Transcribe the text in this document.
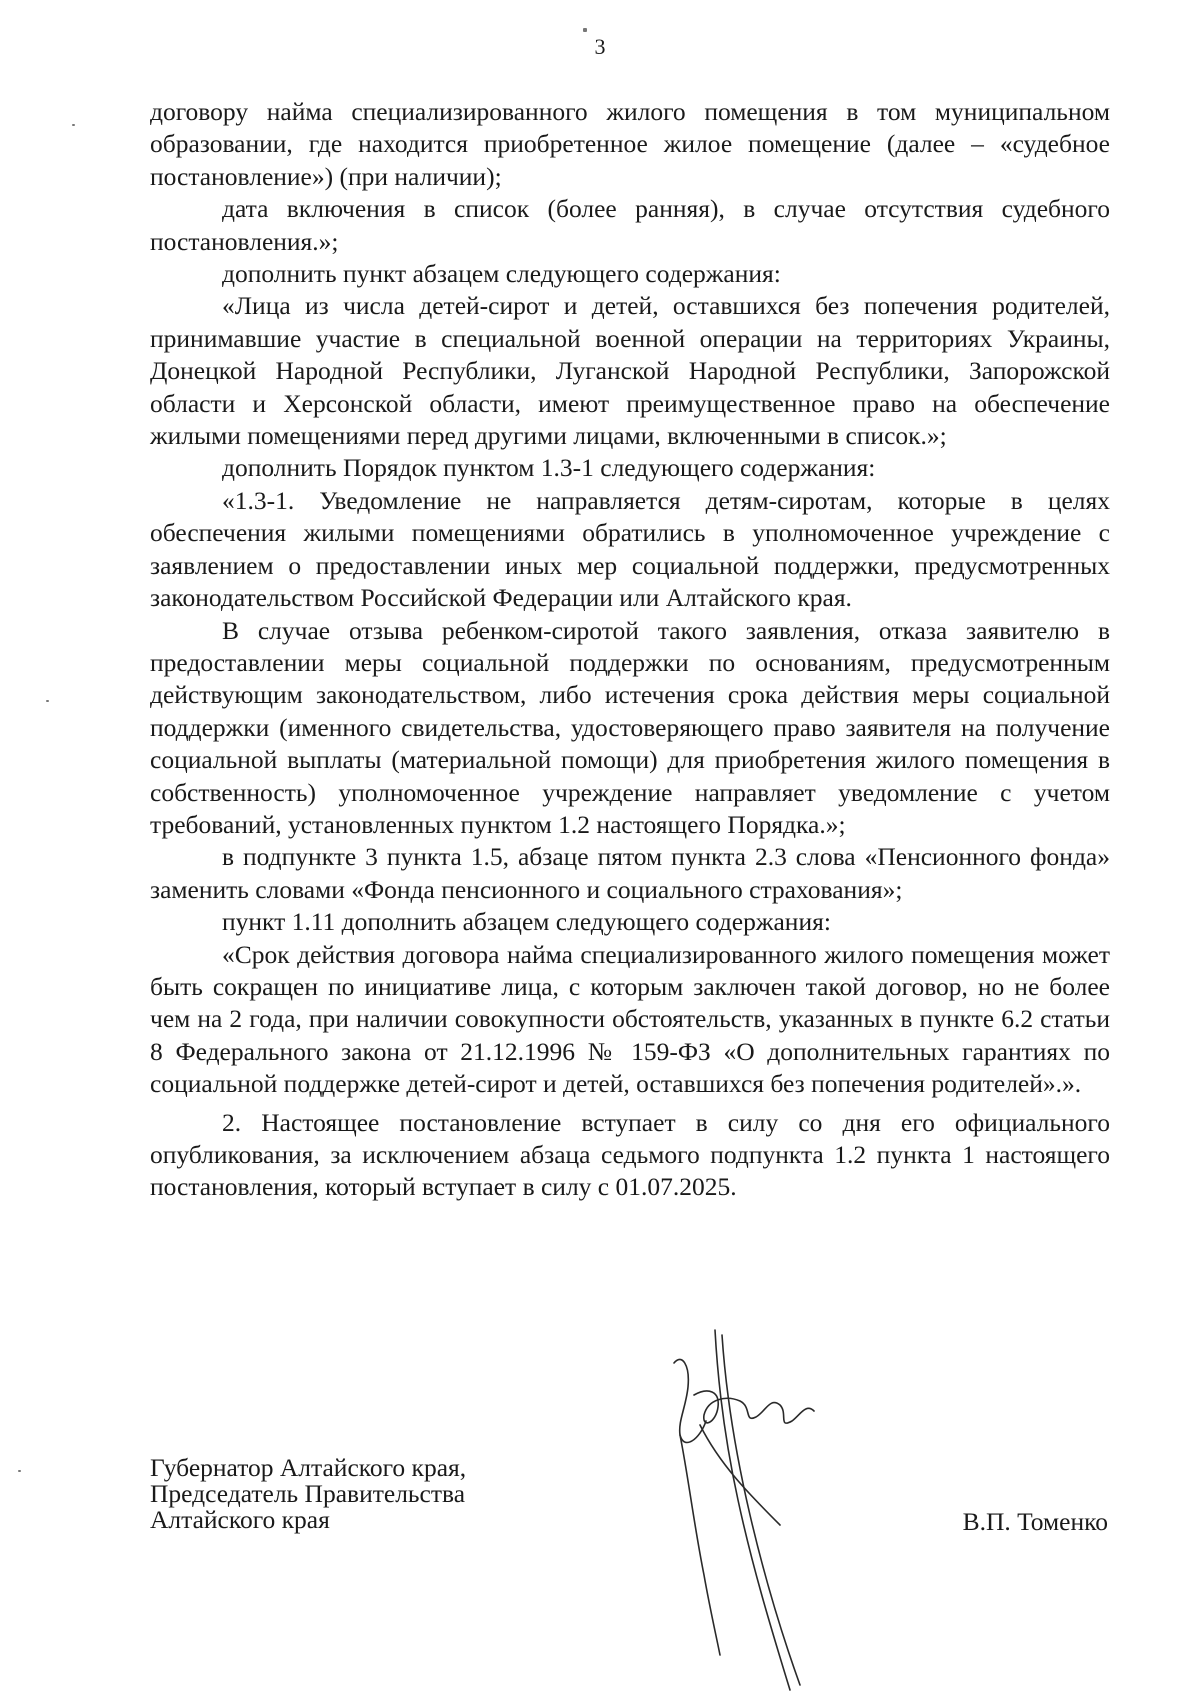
3

договору найма специализированного жилого помещения в том муниципальном образовании, где находится приобретенное жилое помещение (далее – «судебное постановление») (при наличии);

дата включения в список (более ранняя), в случае отсутствия судебного постановления.»;

дополнить пункт абзацем следующего содержания:

«Лица из числа детей-сирот и детей, оставшихся без попечения родителей, принимавшие участие в специальной военной операции на территориях Украины, Донецкой Народной Республики, Луганской Народной Республики, Запорожской области и Херсонской области, имеют преимущественное право на обеспечение жилыми помещениями перед другими лицами, включенными в список.»;

дополнить Порядок пунктом 1.3-1 следующего содержания:

«1.3-1. Уведомление не направляется детям-сиротам, которые в целях обеспечения жилыми помещениями обратились в уполномоченное учреждение с заявлением о предоставлении иных мер социальной поддержки, предусмотренных законодательством Российской Федерации или Алтайского края.

В случае отзыва ребенком-сиротой такого заявления, отказа заявителю в предоставлении меры социальной поддержки по основаниям, предусмотренным действующим законодательством, либо истечения срока действия меры социальной поддержки (именного свидетельства, удостоверяющего право заявителя на получение социальной выплаты (материальной помощи) для приобретения жилого помещения в собственность) уполномоченное учреждение направляет уведомление с учетом требований, установленных пунктом 1.2 настоящего Порядка.»;

в подпункте 3 пункта 1.5, абзаце пятом пункта 2.3 слова «Пенсионного фонда» заменить словами «Фонда пенсионного и социального страхования»;

пункт 1.11 дополнить абзацем следующего содержания:

«Срок действия договора найма специализированного жилого помещения может быть сокращен по инициативе лица, с которым заключен такой договор, но не более чем на 2 года, при наличии совокупности обстоятельств, указанных в пункте 6.2 статьи 8 Федерального закона от 21.12.1996 № 159-ФЗ «О дополнительных гарантиях по социальной поддержке детей-сирот и детей, оставшихся без попечения родителей».».

2. Настоящее постановление вступает в силу со дня его официального опубликования, за исключением абзаца седьмого подпункта 1.2 пункта 1 настоящего постановления, который вступает в силу с 01.07.2025.

Губернатор Алтайского края,
Председатель Правительства
Алтайского края	В.П. Томенко
